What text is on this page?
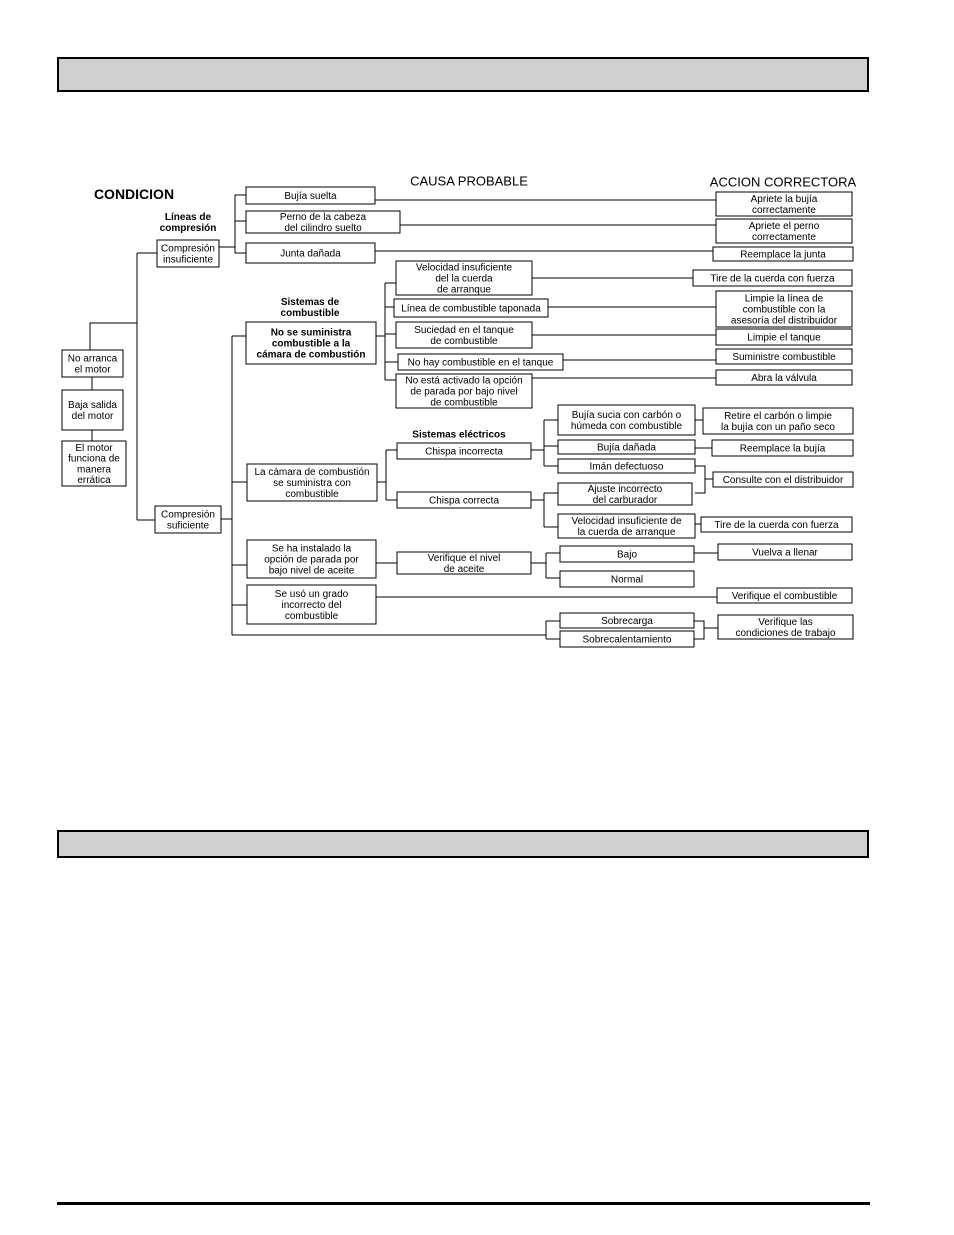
No arranca el motor
Baja salida del motor
El motor funciona de manera errática
Compresión insuficiente
Compresión suficiente
Bujía suelta
Perno de la cabeza del cilindro suelto
Junta dañada
No se suministra combustible a la cámara de combustión
Velocidad insuficiente del la cuerda de arranque
Línea de combustible taponada
Suciedad en el tanque de combustible
No hay combustible en el tanque
No está activado la opción de parada por bajo nivel de combustible
Apriete la bujía correctamente
Apriete el perno correctamente
Reemplace la junta
Tire de la cuerda con fuerza
Limpie la línea de combustible con la asesoría del distribuidor
Limpie el tanque
Suministre combustible
Abra la válvula
La cámara de combustión se suministra con combustible
Chispa incorrecta
Chispa correcta
Bujía sucia con carbón o húmeda con combustible
Bujía dañada
Imán defectuoso
Ajuste incorrecto del carburador
Velocidad insuficiente de la cuerda de arranque
Retire el carbón o limpie la bujía con un paño seco
Reemplace la bujía
Consulte con el distribuidor
Tire de la cuerda con fuerza
Se ha instalado la opción de parada por bajo nivel de aceite
Verifique el nivel de aceite
Bajo
Normal
Vuelva a llenar
Se usó un grado incorrecto del combustible
Verifique el combustible
Sobrecarga
Sobrecalentamiento
Verifique las condiciones de trabajo
CONDICION
CAUSA PROBABLE	ACCION CORRECTORA
Líneas de compresión
Sistemas de combustible
Sistemas eléctricos
